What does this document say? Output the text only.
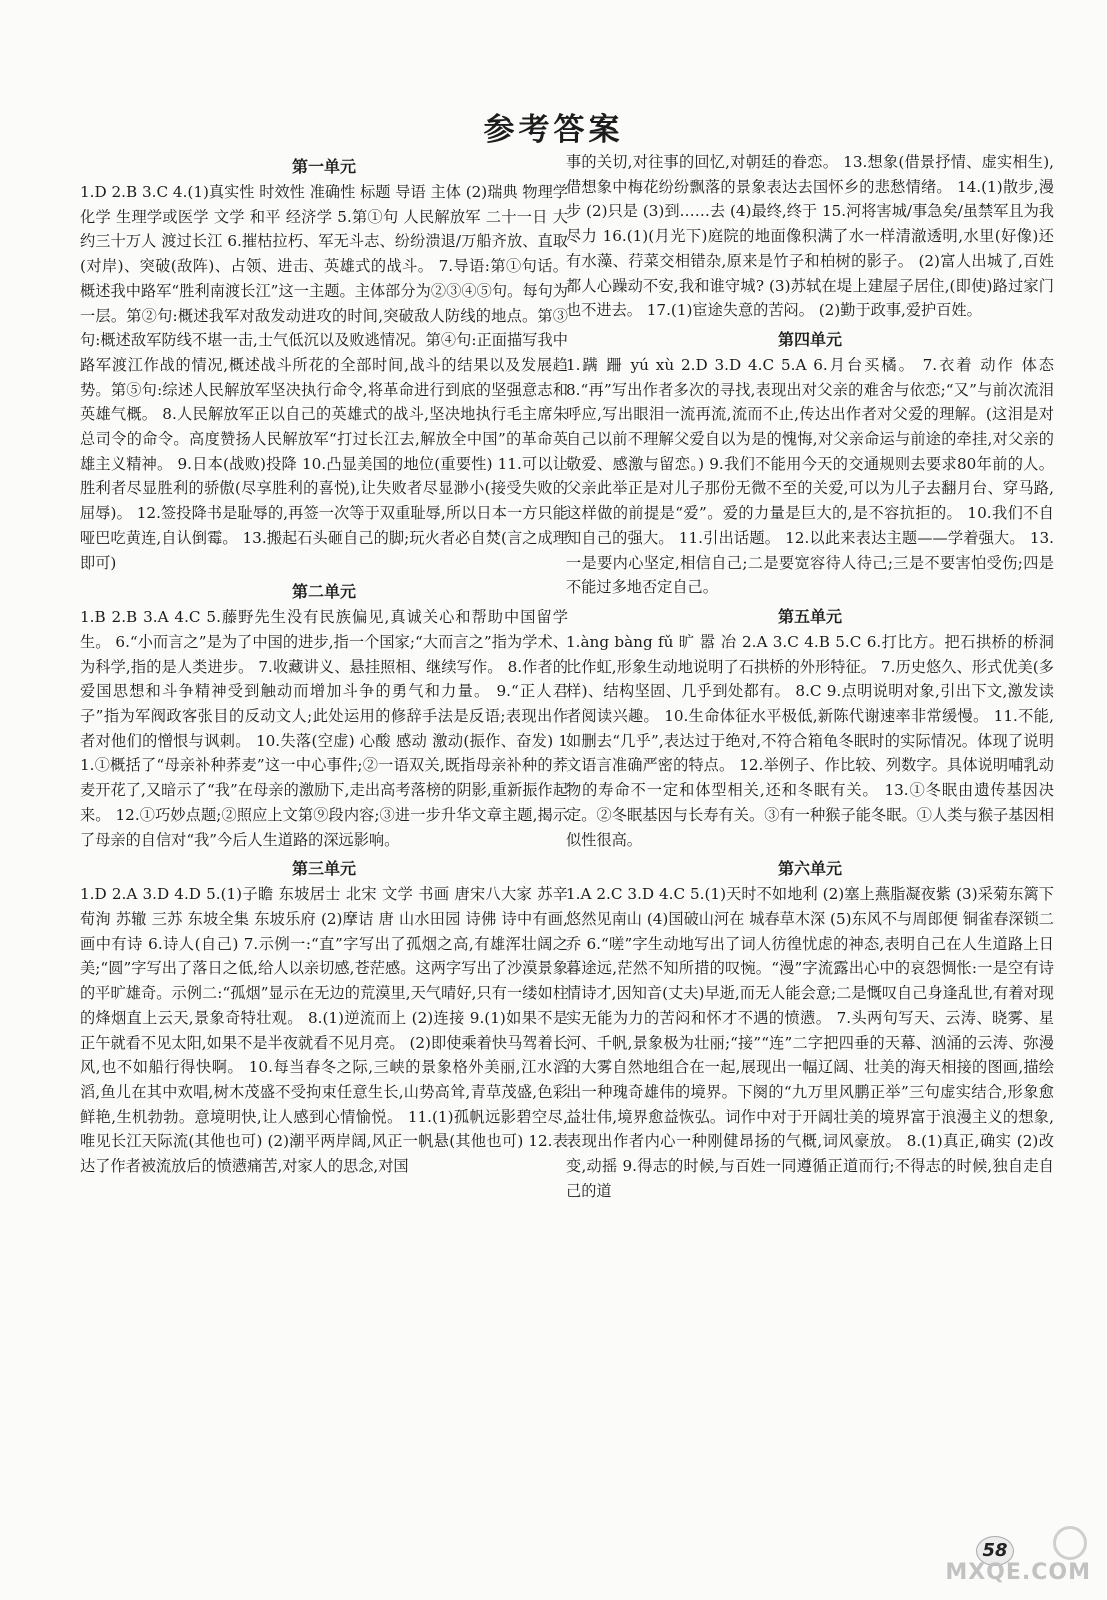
参考答案
第一单元

1.D 2.B 3.C 4.(1)真实性 时效性 准确性 标题 导语 主体 (2)瑞典 物理学 化学 生理学或医学 文学 和平 经济学 5.第①句 人民解放军 二十一日 大约三十万人 渡过长江 6.摧枯拉朽、军无斗志、纷纷溃退/万船齐放、直取(对岸)、突破(敌阵)、占领、进击、英雄式的战斗。 7.导语:第①句话。概述我中路军“胜利南渡长江”这一主题。主体部分为②③④⑤句。每句为一层。第②句:概述我军对敌发动进攻的时间,突破敌人防线的地点。第③句:概述敌军防线不堪一击,士气低沉以及败逃情况。第④句:正面描写我中路军渡江作战的情况,概述战斗所花的全部时间,战斗的结果以及发展趋势。第⑤句:综述人民解放军坚决执行命令,将革命进行到底的坚强意志和英雄气概。 8.人民解放军正以自己的英雄式的战斗,坚决地执行毛主席朱总司令的命令。高度赞扬人民解放军“打过长江去,解放全中国”的革命英雄主义精神。 9.日本(战败)投降 10.凸显美国的地位(重要性) 11.可以让胜利者尽显胜利的骄傲(尽享胜利的喜悦),让失败者尽显渺小(接受失败的屈辱)。 12.签投降书是耻辱的,再签一次等于双重耻辱,所以日本一方只能哑巴吃黄连,自认倒霉。 13.搬起石头砸自己的脚;玩火者必自焚(言之成理即可)

第二单元

1.B 2.B 3.A 4.C 5.藤野先生没有民族偏见,真诚关心和帮助中国留学生。 6.“小而言之”是为了中国的进步,指一个国家;“大而言之”指为学术、为科学,指的是人类进步。 7.收藏讲义、悬挂照相、继续写作。 8.作者的爱国思想和斗争精神受到触动而增加斗争的勇气和力量。 9.“正人君子”指为军阀政客张目的反动文人;此处运用的修辞手法是反语;表现出作者对他们的憎恨与讽刺。 10.失落(空虚) 心酸 感动 激动(振作、奋发) 11.①概括了“母亲补种荞麦”这一中心事件;②一语双关,既指母亲补种的荞麦开花了,又暗示了“我”在母亲的激励下,走出高考落榜的阴影,重新振作起来。 12.①巧妙点题;②照应上文第⑨段内容;③进一步升华文章主题,揭示了母亲的自信对“我”今后人生道路的深远影响。

第三单元

1.D 2.A 3.D 4.D 5.(1)子瞻 东坡居士 北宋 文学 书画 唐宋八大家 苏辛 荀洵 苏辙 三苏 东坡全集 东坡乐府 (2)摩诘 唐 山水田园 诗佛 诗中有画,画中有诗 6.诗人(自己) 7.示例一:“直”字写出了孤烟之高,有雄浑壮阔之美;“圆”字写出了落日之低,给人以亲切感,苍茫感。这两字写出了沙漠景象的平旷雄奇。示例二:“孤烟”显示在无边的荒漠里,天气晴好,只有一缕如柱的烽烟直上云天,景象奇特壮观。 8.(1)逆流而上 (2)连接 9.(1)如果不是正午就看不见太阳,如果不是半夜就看不见月亮。 (2)即使乘着快马驾着长风,也不如船行得快啊。 10.每当春冬之际,三峡的景象格外美丽,江水滔滔,鱼儿在其中欢唱,树木茂盛不受拘束任意生长,山势高耸,青草茂盛,色彩鲜艳,生机勃勃。意境明快,让人感到心情愉悦。 11.(1)孤帆远影碧空尽,唯见长江天际流(其他也可) (2)潮平两岸阔,风正一帆悬(其他也可) 12.表达了作者被流放后的愤懑痛苦,对家人的思念,对国

事的关切,对往事的回忆,对朝廷的眷恋。 13.想象(借景抒情、虚实相生),借想象中梅花纷纷飘落的景象表达去国怀乡的悲愁情绪。 14.(1)散步,漫步 (2)只是 (3)到……去 (4)最终,终于 15.河将害城/事急矣/虽禁军且为我尽力 16.(1)(月光下)庭院的地面像积满了水一样清澈透明,水里(好像)还有水藻、荇菜交相错杂,原来是竹子和柏树的影子。 (2)富人出城了,百姓都人心躁动不安,我和谁守城? (3)苏轼在堤上建屋子居住,(即使)路过家门也不进去。 17.(1)宦途失意的苦闷。 (2)勤于政事,爱护百姓。

第四单元

1.蹒 跚 yú xù 2.D 3.D 4.C 5.A 6.月台买橘。 7.衣着 动作 体态 8.“再”写出作者多次的寻找,表现出对父亲的难舍与依恋;“又”与前次流泪呼应,写出眼泪一流再流,流而不止,传达出作者对父爱的理解。(这泪是对自己以前不理解父爱自以为是的愧悔,对父亲命运与前途的牵挂,对父亲的敬爱、感激与留恋。) 9.我们不能用今天的交通规则去要求80年前的人。父亲此举正是对儿子那份无微不至的关爱,可以为儿子去翻月台、穿马路,这样做的前提是“爱”。爱的力量是巨大的,是不容抗拒的。 10.我们不自知自己的强大。 11.引出话题。 12.以此来表达主题——学着强大。 13.一是要内心坚定,相信自己;二是要宽容待人待己;三是不要害怕受伤;四是不能过多地否定自己。

第五单元

1.àng bàng fǔ 旷 嚣 冶 2.A 3.C 4.B 5.C 6.打比方。把石拱桥的桥洞比作虹,形象生动地说明了石拱桥的外形特征。 7.历史悠久、形式优美(多样)、结构坚固、几乎到处都有。 8.C 9.点明说明对象,引出下文,激发读者阅读兴趣。 10.生命体征水平极低,新陈代谢速率非常缓慢。 11.不能,如删去“几乎”,表达过于绝对,不符合箱龟冬眠时的实际情况。体现了说明文语言准确严密的特点。 12.举例子、作比较、列数字。具体说明哺乳动物的寿命不一定和体型相关,还和冬眠有关。 13.①冬眠由遗传基因决定。②冬眠基因与长寿有关。③有一种猴子能冬眠。①人类与猴子基因相似性很高。

第六单元

1.A 2.C 3.D 4.C 5.(1)天时不如地利 (2)塞上燕脂凝夜紫 (3)采菊东篱下 悠然见南山 (4)国破山河在 城春草木深 (5)东风不与周郎便 铜雀春深锁二乔 6.“嗟”字生动地写出了词人彷徨忧虑的神态,表明自己在人生道路上日暮途远,茫然不知所措的叹惋。“漫”字流露出心中的哀怨惆怅:一是空有诗情诗才,因知音(丈夫)早逝,而无人能会意;二是慨叹自己身逢乱世,有着对现实无能为力的苦闷和怀才不遇的愤懑。 7.头两句写天、云涛、晓雾、星河、千帆,景象极为壮丽;“接”“连”二字把四垂的天幕、汹涌的云涛、弥漫的大雾自然地组合在一起,展现出一幅辽阔、壮美的海天相接的图画,描绘出一种瑰奇雄伟的境界。下阕的“九万里风鹏正举”三句虚实结合,形象愈益壮伟,境界愈益恢弘。词作中对于开阔壮美的境界富于浪漫主义的想象,表现出作者内心一种刚健昂扬的气概,词风豪放。 8.(1)真正,确实 (2)改变,动摇 9.得志的时候,与百姓一同遵循正道而行;不得志的时候,独自走自己的道

58
MXQE.COM
